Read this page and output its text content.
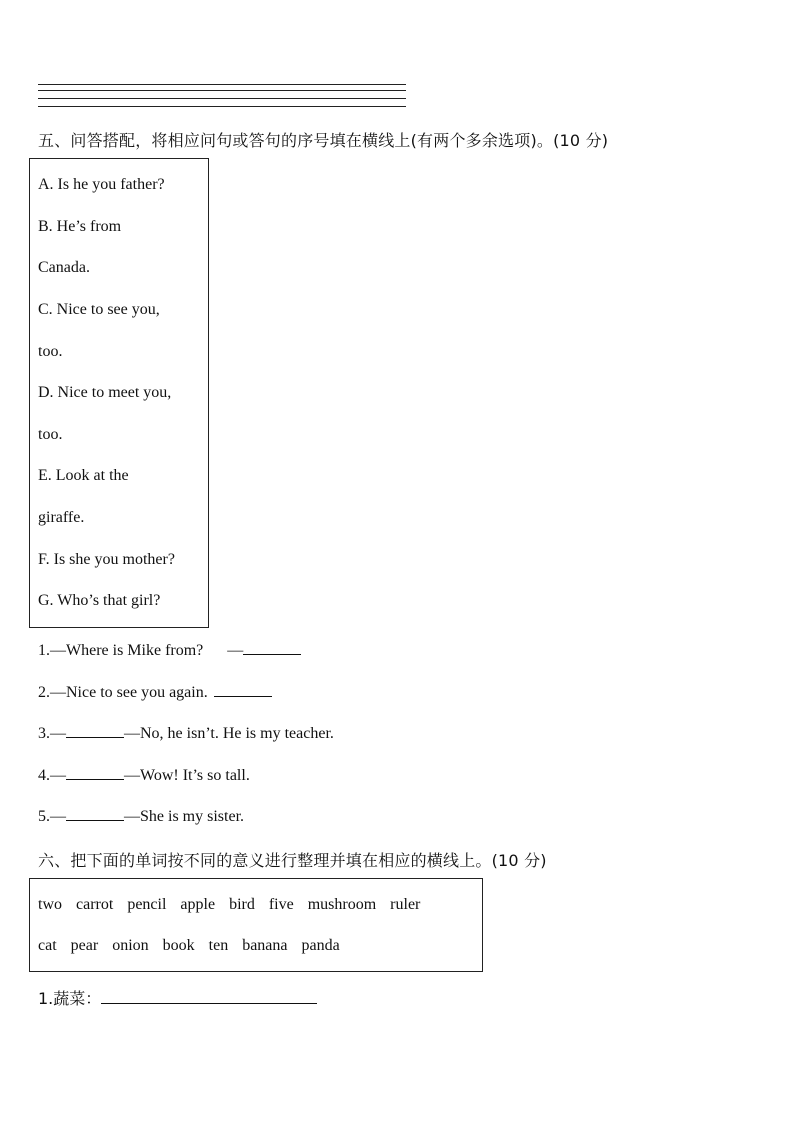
五、问答搭配，将相应问句或答句的序号填在横线上(有两个多余选项)。(10 分)
A. Is he you father?
B. He’s from
Canada.
C. Nice to see you,
too.
D. Nice to meet you,
too.
E. Look at the
giraffe.
F. Is she you mother?
G. Who’s that girl?
1.—Where is Mike from? —
2.—Nice to see you again.
3.—	—No, he isn’t. He is my teacher.
4.—	—Wow! It’s so tall.
5.—	—She is my sister.
六、把下面的单词按不同的意义进行整理并填在相应的横线上。(10 分)
two carrot pencil apple bird five mushroom ruler
cat pear onion book ten banana panda
1.蔬菜：
